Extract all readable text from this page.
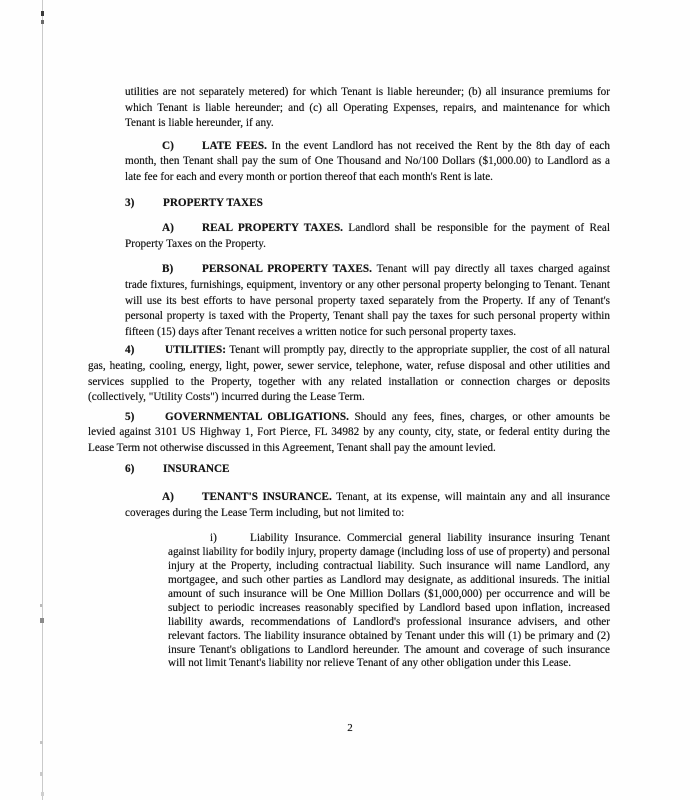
utilities are not separately metered) for which Tenant is liable hereunder; (b) all insurance premiums for which Tenant is liable hereunder; and (c) all Operating Expenses, repairs, and maintenance for which Tenant is liable hereunder, if any.

C)	LATE FEES. In the event Landlord has not received the Rent by the 8th day of each month, then Tenant shall pay the sum of One Thousand and No/100 Dollars ($1,000.00) to Landlord as a late fee for each and every month or portion thereof that each month's Rent is late.

3)	PROPERTY TAXES

A)	REAL PROPERTY TAXES. Landlord shall be responsible for the payment of Real Property Taxes on the Property.

B)	PERSONAL PROPERTY TAXES. Tenant will pay directly all taxes charged against trade fixtures, furnishings, equipment, inventory or any other personal property belonging to Tenant. Tenant will use its best efforts to have personal property taxed separately from the Property. If any of Tenant's personal property is taxed with the Property, Tenant shall pay the taxes for such personal property within fifteen (15) days after Tenant receives a written notice for such personal property taxes.

4)	UTILITIES: Tenant will promptly pay, directly to the appropriate supplier, the cost of all natural gas, heating, cooling, energy, light, power, sewer service, telephone, water, refuse disposal and other utilities and services supplied to the Property, together with any related installation or connection charges or deposits (collectively, "Utility Costs") incurred during the Lease Term.

5)	GOVERNMENTAL OBLIGATIONS. Should any fees, fines, charges, or other amounts be levied against 3101 US Highway 1, Fort Pierce, FL 34982 by any county, city, state, or federal entity during the Lease Term not otherwise discussed in this Agreement, Tenant shall pay the amount levied.

6)	INSURANCE

A)	TENANT'S INSURANCE. Tenant, at its expense, will maintain any and all insurance coverages during the Lease Term including, but not limited to:

i)	Liability Insurance. Commercial general liability insurance insuring Tenant against liability for bodily injury, property damage (including loss of use of property) and personal injury at the Property, including contractual liability. Such insurance will name Landlord, any mortgagee, and such other parties as Landlord may designate, as additional insureds. The initial amount of such insurance will be One Million Dollars ($1,000,000) per occurrence and will be subject to periodic increases reasonably specified by Landlord based upon inflation, increased liability awards, recommendations of Landlord's professional insurance advisers, and other relevant factors. The liability insurance obtained by Tenant under this will (1) be primary and (2) insure Tenant's obligations to Landlord hereunder. The amount and coverage of such insurance will not limit Tenant's liability nor relieve Tenant of any other obligation under this Lease.

2
